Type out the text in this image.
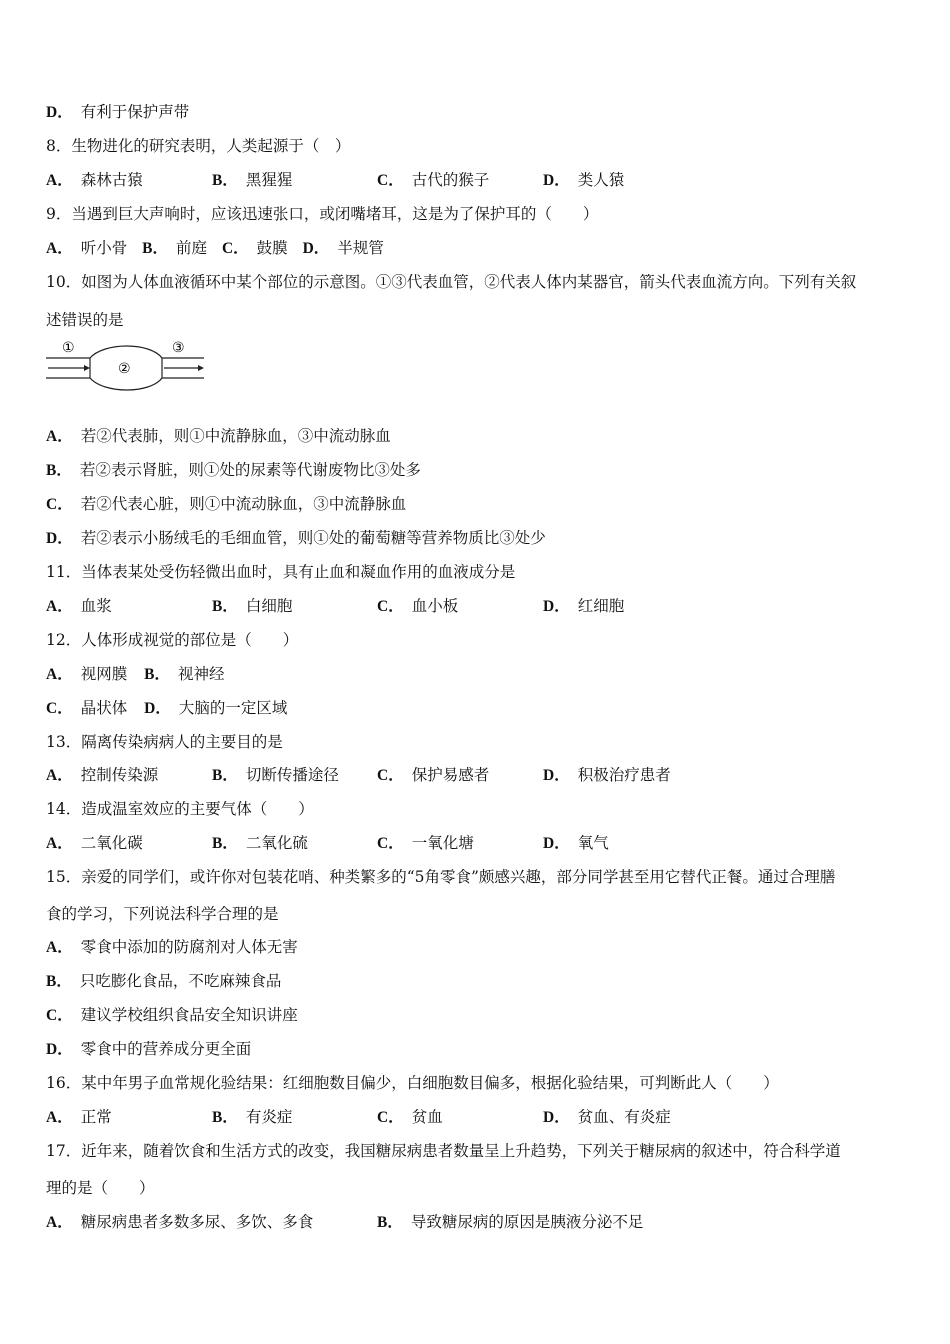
D． 有利于保护声带
8．生物进化的研究表明，人类起源于（　）
A． 森林古猿	B． 黑猩猩	C． 古代的猴子	D． 类人猿
9．当遇到巨大声响时，应该迅速张口，或闭嘴堵耳，这是为了保护耳的（　　）
A． 听小骨 B． 前庭 C． 鼓膜 D． 半规管
10．如图为人体血液循环中某个部位的示意图。①③代表血管，②代表人体内某器官，箭头代表血流方向。下列有关叙
述错误的是
①
②
③
A． 若②代表肺，则①中流静脉血，③中流动脉血
B． 若②表示肾脏，则①处的尿素等代谢废物比③处多
C． 若②代表心脏，则①中流动脉血，③中流静脉血
D． 若②表示小肠绒毛的毛细血管，则①处的葡萄糖等营养物质比③处少
11．当体表某处受伤轻微出血时，具有止血和凝血作用的血液成分是
A． 血浆	B． 白细胞	C． 血小板	D． 红细胞
12．人体形成视觉的部位是（　　）
A． 视网膜 B． 视神经
C． 晶状体 D． 大脑的一定区域
13．隔离传染病病人的主要目的是
A． 控制传染源	B． 切断传播途径 C． 保护易感者	D． 积极治疗患者
14．造成温室效应的主要气体（　　）
A． 二氧化碳	B． 二氧化硫	C． 一氧化塘	D． 氧气
15．亲爱的同学们，或许你对包装花哨、种类繁多的“5角零食”颇感兴趣，部分同学甚至用它替代正餐。通过合理膳
食的学习，下列说法科学合理的是
A． 零食中添加的防腐剂对人体无害
B． 只吃膨化食品，不吃麻辣食品
C． 建议学校组织食品安全知识讲座
D． 零食中的营养成分更全面
16．某中年男子血常规化验结果：红细胞数目偏少，白细胞数目偏多，根据化验结果，可判断此人（　　）
A． 正常	B． 有炎症	C． 贫血	D． 贫血、有炎症
17．近年来，随着饮食和生活方式的改变，我国糖尿病患者数量呈上升趋势，下列关于糖尿病的叙述中，符合科学道
理的是（　　）
A． 糖尿病患者多数多尿、多饮、多食	B． 导致糖尿病的原因是胰液分泌不足
